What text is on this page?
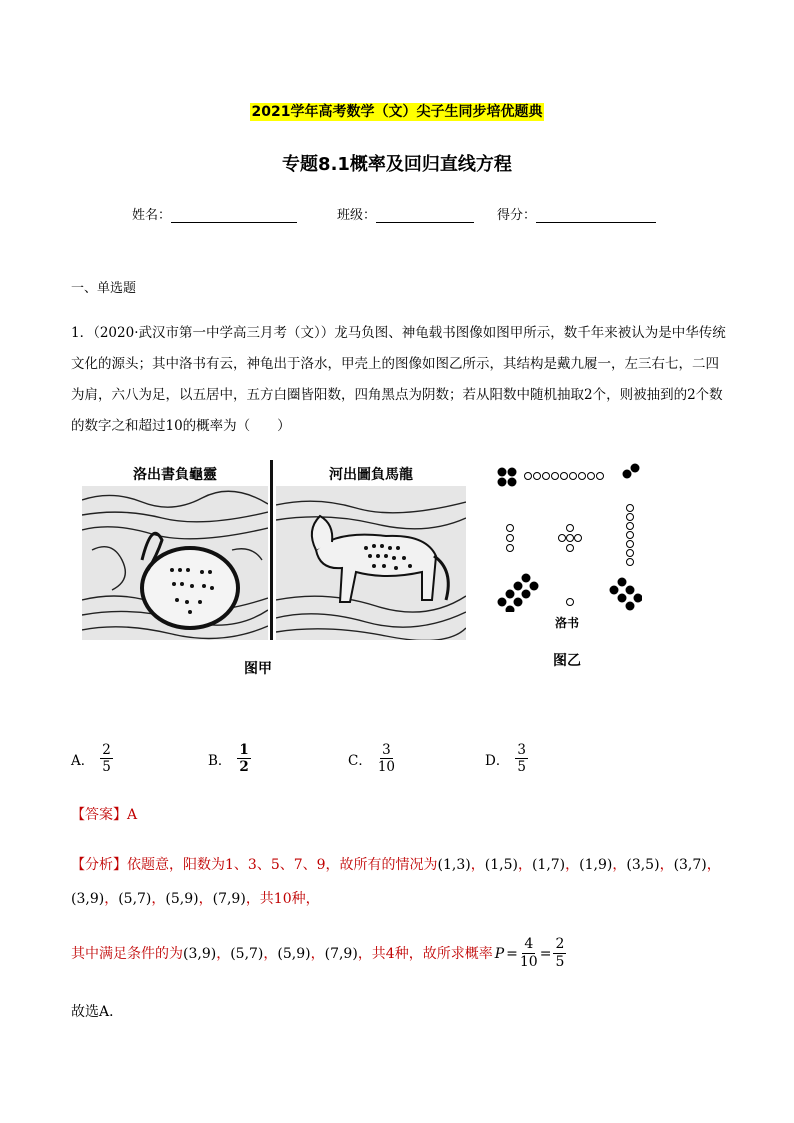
2021学年高考数学（文）尖子生同步培优题典
专题8.1概率及回归直线方程
姓名：	班级：	得分：
一、单选题
1．（2020·武汉市第一中学高三月考（文））龙马负图、神龟载书图像如图甲所示，数千年来被认为是中华传统文化的源头；其中洛书有云，神龟出于洛水，甲壳上的图像如图乙所示，其结构是戴九履一，左三右七，二四为肩，六八为足，以五居中，五方白圈皆阳数，四角黑点为阴数；若从阳数中随机抽取2个，则被抽到的2个数的数字之和超过10的概率为（　　）
洛出書負龜靈	河出圖負馬龍
图甲
洛书
图乙
A． $\frac{2}{5}$	B． $\frac{1}{2}$	C． $\frac{3}{10}$	D． $\frac{3}{5}$
【答案】A
【分析】依题意，阳数为1、3、5、7、9，故所有的情况为(1,3)，(1,5)，(1,7)，(1,9)，(3,5)，(3,7)，
(3,9)，(5,7)，(5,9)，(7,9)，共10种，
其中满足条件的为 (3,9) ， (5,7) ， (5,9) ， (7,9) ，共4种，故所求概率 $P = \frac{4}{10} = \frac{2}{5}$
故选A．
